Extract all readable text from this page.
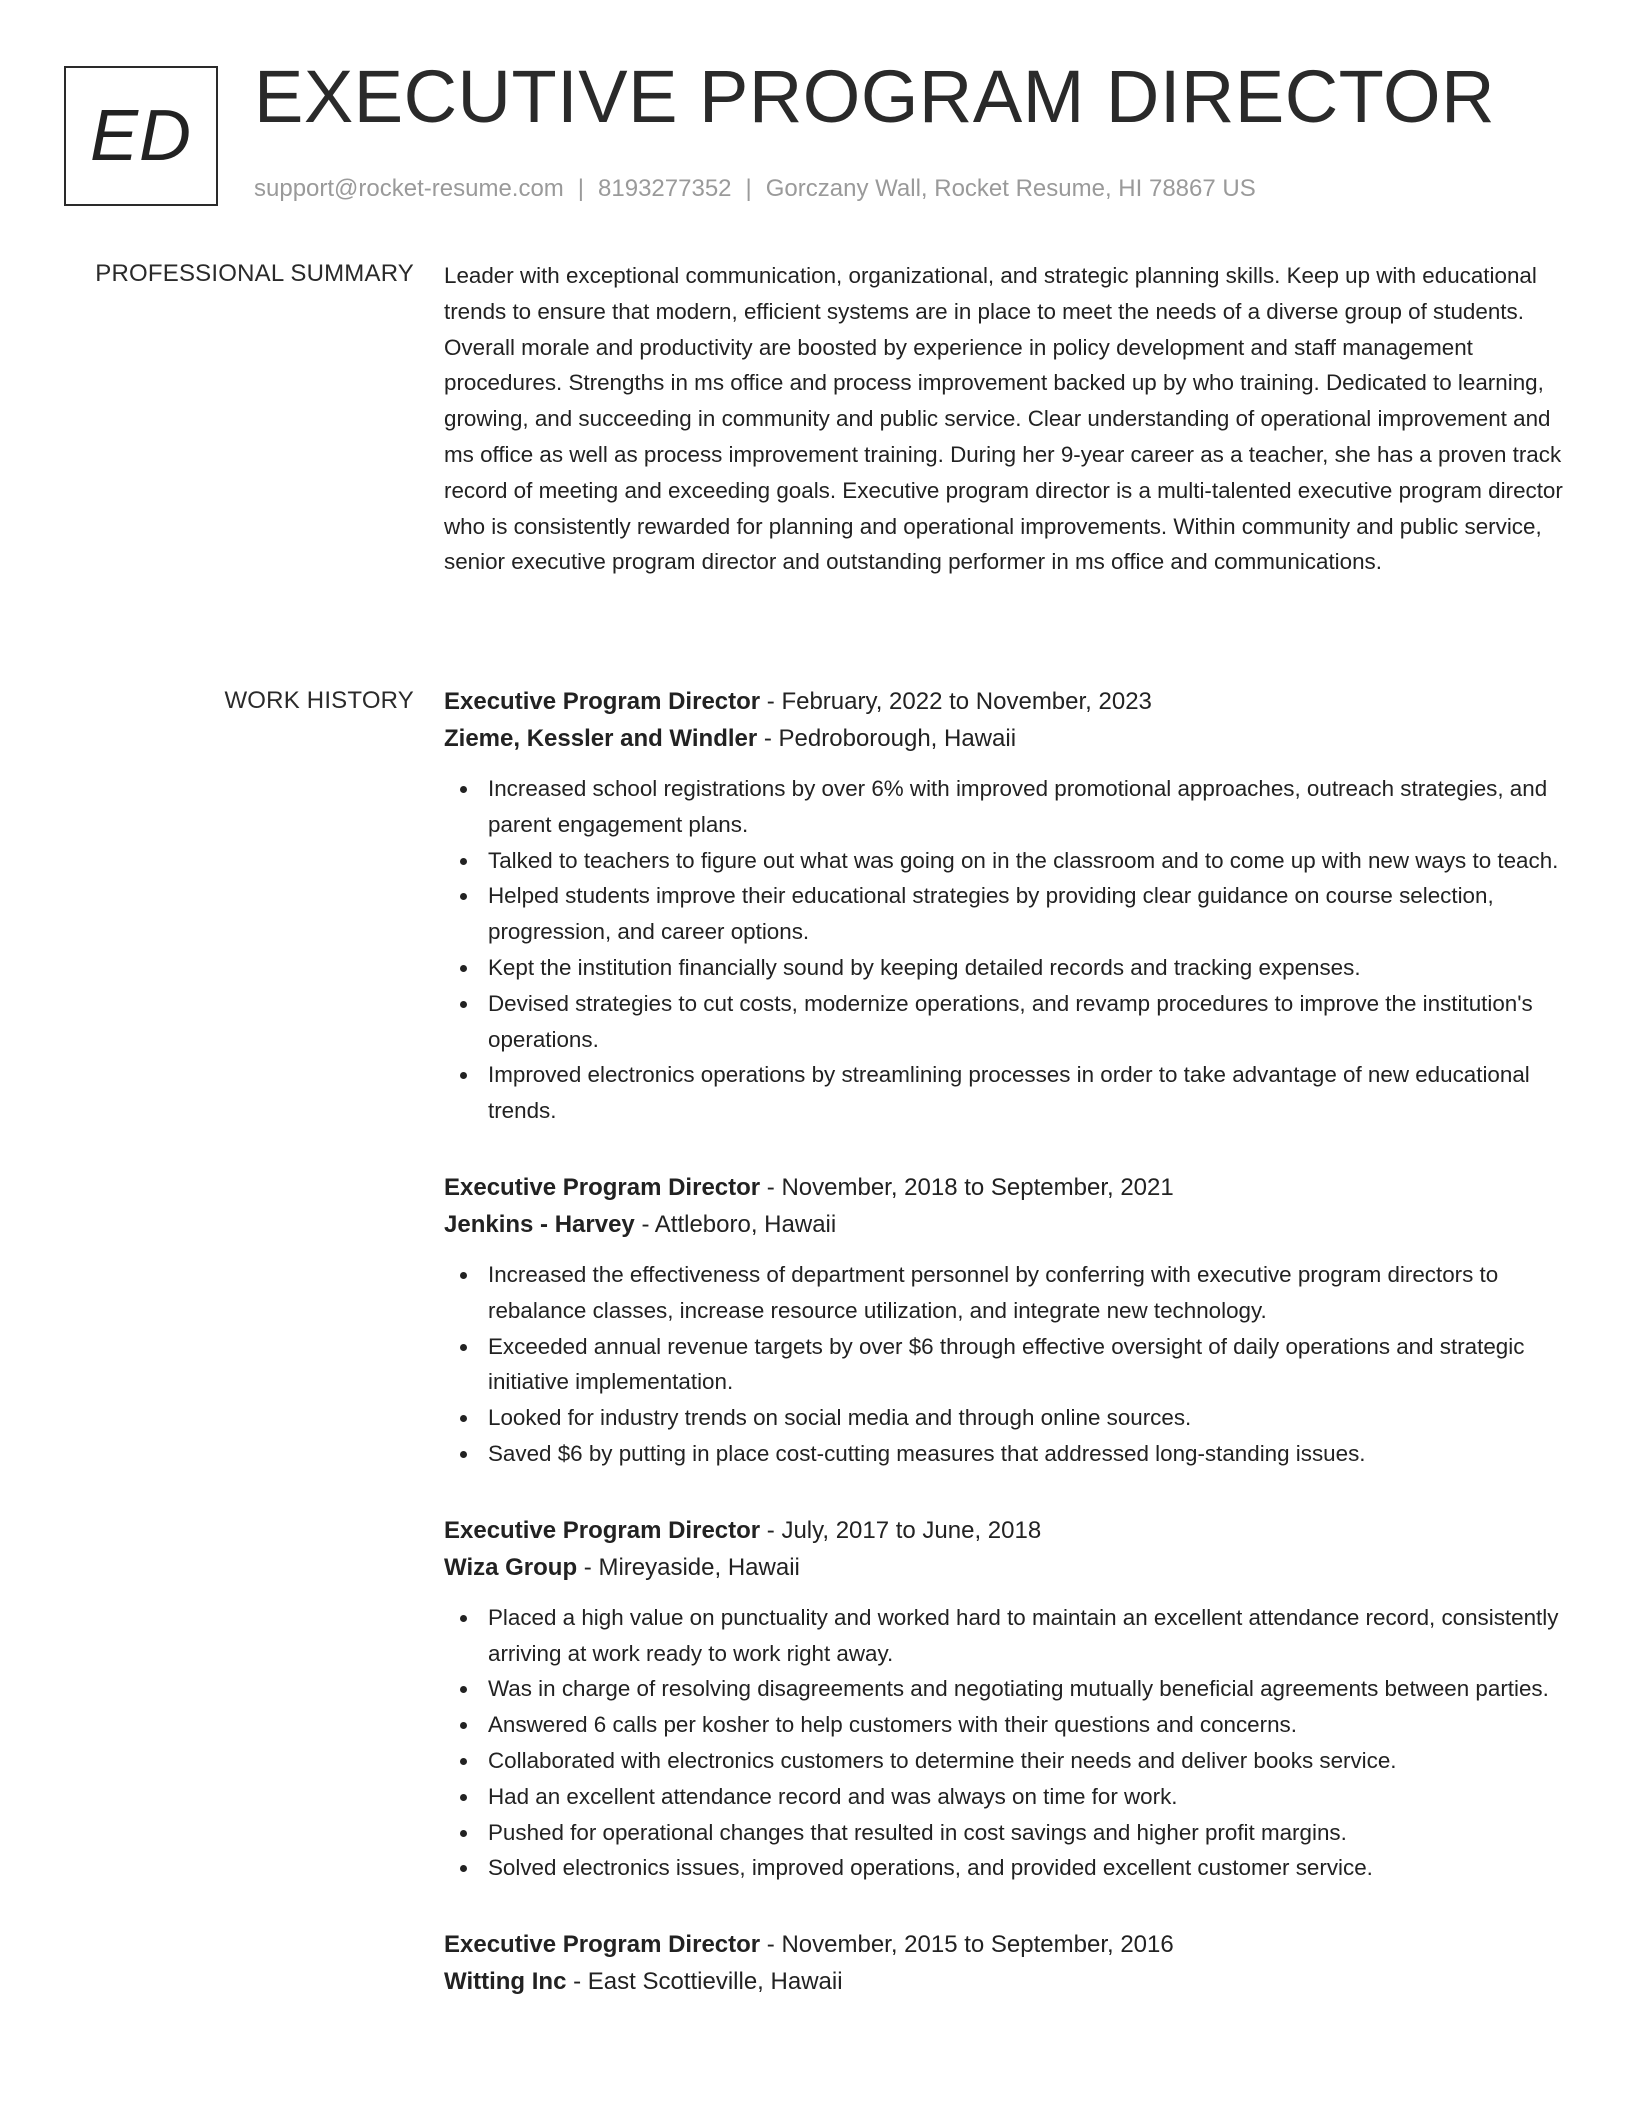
ED EXECUTIVE PROGRAM DIRECTOR
support@rocket-resume.com | 8193277352 | Gorczany Wall, Rocket Resume, HI 78867 US
PROFESSIONAL SUMMARY Leader with exceptional communication, organizational, and strategic planning skills. Keep up with educational trends to ensure that modern, efficient systems are in place to meet the needs of a diverse group of students. Overall morale and productivity are boosted by experience in policy development and staff management procedures. Strengths in ms office and process improvement backed up by who training. Dedicated to learning, growing, and succeeding in community and public service. Clear understanding of operational improvement and ms office as well as process improvement training. During her 9-year career as a teacher, she has a proven track record of meeting and exceeding goals. Executive program director is a multi-talented executive program director who is consistently rewarded for planning and operational improvements. Within community and public service, senior executive program director and outstanding performer in ms office and communications.

WORK HISTORY Executive Program Director - February, 2022 to November, 2023
Zieme, Kessler and Windler - Pedroborough, Hawaii
Increased school registrations by over 6% with improved promotional approaches, outreach strategies, and parent engagement plans.
Talked to teachers to figure out what was going on in the classroom and to come up with new ways to teach.
Helped students improve their educational strategies by providing clear guidance on course selection, progression, and career options.
Kept the institution financially sound by keeping detailed records and tracking expenses.
Devised strategies to cut costs, modernize operations, and revamp procedures to improve the institution's operations.
Improved electronics operations by streamlining processes in order to take advantage of new educational trends.
Executive Program Director - November, 2018 to September, 2021
Jenkins - Harvey - Attleboro, Hawaii
Increased the effectiveness of department personnel by conferring with executive program directors to rebalance classes, increase resource utilization, and integrate new technology.
Exceeded annual revenue targets by over $6 through effective oversight of daily operations and strategic initiative implementation.
Looked for industry trends on social media and through online sources.
Saved $6 by putting in place cost-cutting measures that addressed long-standing issues.
Executive Program Director - July, 2017 to June, 2018
Wiza Group - Mireyaside, Hawaii
Placed a high value on punctuality and worked hard to maintain an excellent attendance record, consistently arriving at work ready to work right away.
Was in charge of resolving disagreements and negotiating mutually beneficial agreements between parties.
Answered 6 calls per kosher to help customers with their questions and concerns.
Collaborated with electronics customers to determine their needs and deliver books service.
Had an excellent attendance record and was always on time for work.
Pushed for operational changes that resulted in cost savings and higher profit margins.
Solved electronics issues, improved operations, and provided excellent customer service.
Executive Program Director - November, 2015 to September, 2016
Witting Inc - East Scottieville, Hawaii
